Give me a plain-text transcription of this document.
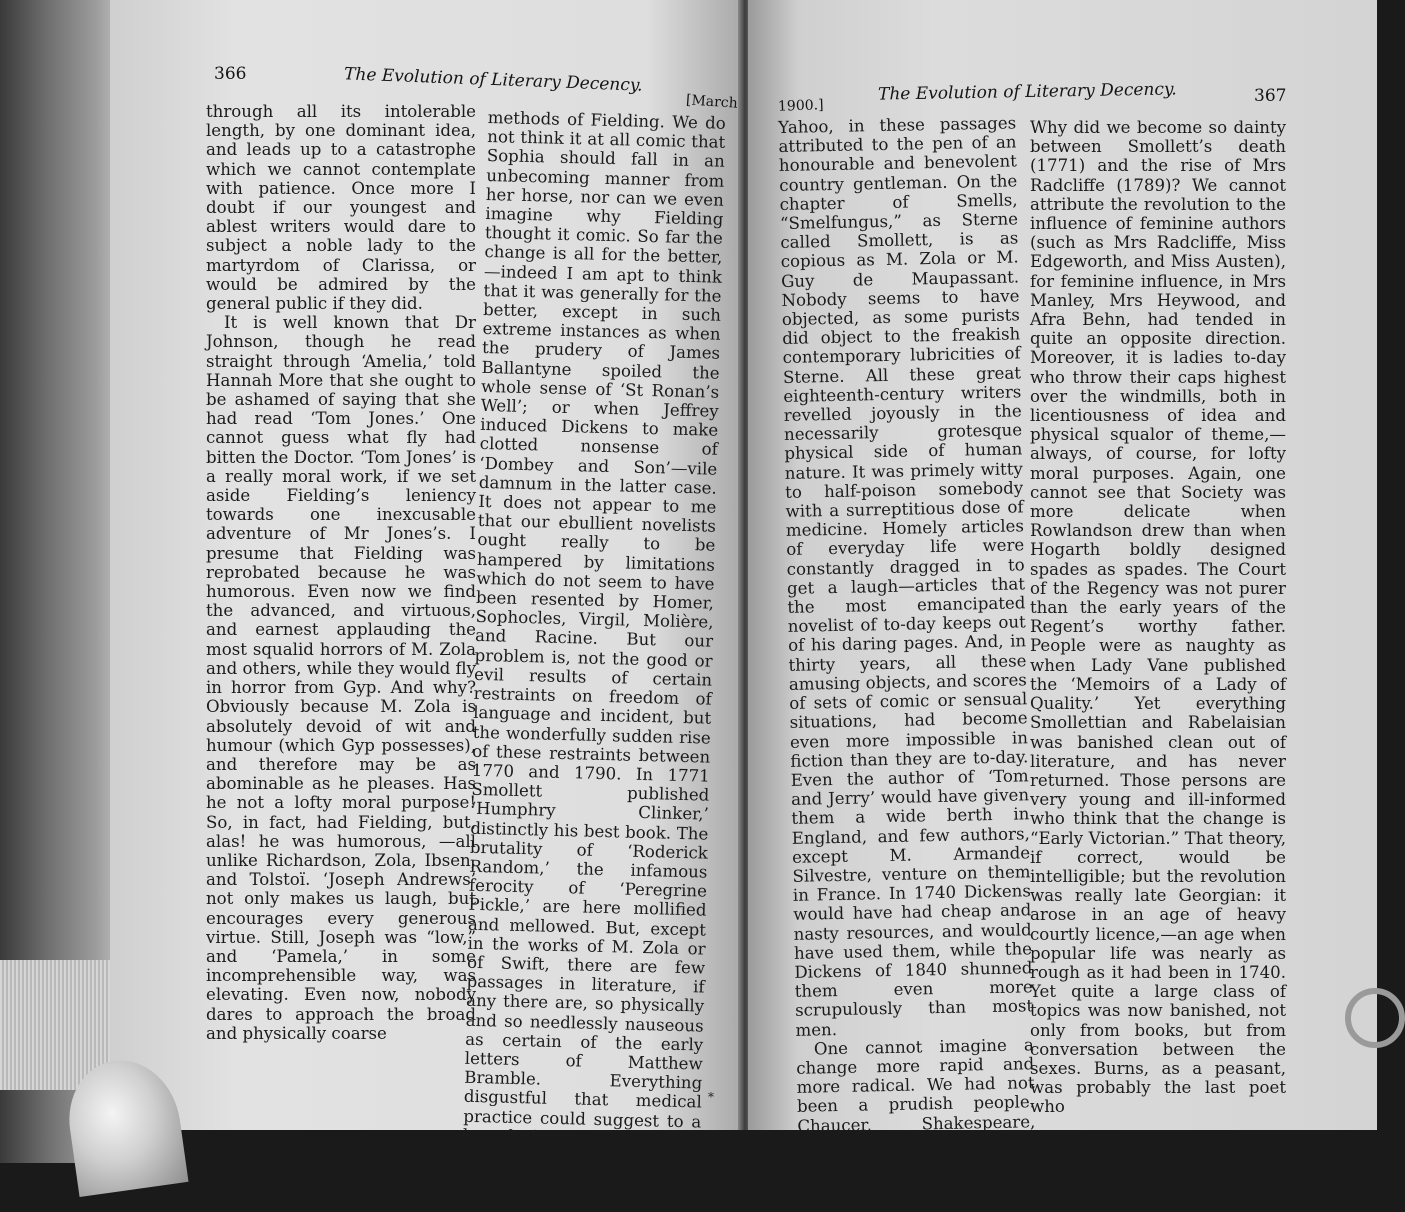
366	The Evolution of Literary Decency.
[March

through all its intolerable length, by one dominant idea, and leads up to a catastrophe which we cannot contemplate with patience. Once more I doubt if our youngest and ablest writers would dare to subject a noble lady to the martyrdom of Clarissa, or would be admired by the general public if they did.

It is well known that Dr Johnson, though he read straight through ‘Amelia,’ told Hannah More that she ought to be ashamed of saying that she had read ‘Tom Jones.’ One cannot guess what fly had bitten the Doctor. ‘Tom Jones’ is a really moral work, if we set aside Fielding’s leniency towards one inexcusable adventure of Mr Jones’s. I presume that Fielding was reprobated because he was humorous. Even now we find the advanced, and virtuous, and earnest applauding the most squalid horrors of M. Zola and others, while they would fly in horror from Gyp. And why? Obviously because M. Zola is absolutely devoid of wit and humour (which Gyp possesses), and therefore may be as abominable as he pleases. Has he not a lofty moral purpose! So, in fact, had Fielding, but, alas! he was humorous, —all unlike Richardson, Zola, Ibsen, and Tolstoï. ‘Joseph Andrews’ not only makes us laugh, but encourages every generous virtue. Still, Joseph was “low,” and ‘Pamela,’ in some incomprehensible way, was elevating. Even now, nobody dares to approach the broad and physically coarse

methods of Fielding. We do not think it at all comic that Sophia should fall in an unbecoming manner from her horse, nor can we even imagine why Fielding thought it comic. So far the change is all for the better, —indeed I am apt to think that it was generally for the better, except in such extreme instances as when the prudery of James Ballantyne spoiled the whole sense of ‘St Ronan’s Well’; or when Jeffrey induced Dickens to make clotted nonsense of ‘Dombey and Son’—vile damnum in the latter case. It does not appear to me that our ebullient novelists ought really to be hampered by limitations which do not seem to have been resented by Homer, Sophocles, Virgil, Molière, and Racine. But our problem is, not the good or evil results of certain restraints on freedom of language and incident, but the wonderfully sudden rise of these restraints between 1770 and 1790. In 1771 Smollett published ‘Humphry Clinker,’ distinctly his best book. The brutality of ‘Roderick Random,’ the infamous ferocity of ‘Peregrine Pickle,’ are here mollified and mellowed. But, except in the works of M. Zola or of Swift, there are few passages in literature, if any there are, so physically and so needlessly nauseous as certain of the early letters of Matthew Bramble. Everything disgustful that medical practice could suggest to a brutal fancy is here set forth with elaborate care. There is something of the ape, of the

*
1900.]
The Evolution of Literary Decency.	367

Yahoo, in these passages attributed to the pen of an honourable and benevolent country gentleman. On the chapter of Smells, “Smelfungus,” as Sterne called Smollett, is as copious as M. Zola or M. Guy de Maupassant. Nobody seems to have objected, as some purists did object to the freakish contemporary lubricities of Sterne. All these great eighteenth-century writers revelled joyously in the necessarily grotesque physical side of human nature. It was primely witty to half-poison somebody with a surreptitious dose of medicine. Homely articles of everyday life were constantly dragged in to get a laugh—articles that the most emancipated novelist of to-day keeps out of his daring pages. And, in thirty years, all these amusing objects, and scores of sets of comic or sensual situations, had become even more impossible in fiction than they are to-day. Even the author of ‘Tom and Jerry’ would have given them a wide berth in England, and few authors, except M. Armande Silvestre, venture on them in France. In 1740 Dickens would have had cheap and nasty resources, and would have used them, while the Dickens of 1840 shunned them even more scrupulously than most men.

One cannot imagine a change more rapid and more radical. We had not been a prudish people. Chaucer, Shakespeare, Dryden, Congreve, Smollett, Burns, Sterne, are at the opposite extreme from the prudish.

Why did we become so dainty between Smollett’s death (1771) and the rise of Mrs Radcliffe (1789)? We cannot attribute the revolution to the influence of feminine authors (such as Mrs Radcliffe, Miss Edgeworth, and Miss Austen), for feminine influence, in Mrs Manley, Mrs Heywood, and Afra Behn, had tended in quite an opposite direction. Moreover, it is ladies to-day who throw their caps highest over the windmills, both in licentiousness of idea and physical squalor of theme,—always, of course, for lofty moral purposes. Again, one cannot see that Society was more delicate when Rowlandson drew than when Hogarth boldly designed spades as spades. The Court of the Regency was not purer than the early years of the Regent’s worthy father. People were as naughty as when Lady Vane published the ‘Memoirs of a Lady of Quality.’ Yet everything Smollettian and Rabelaisian was banished clean out of literature, and has never returned. Those persons are very young and ill-informed who think that the change is “Early Victorian.” That theory, if correct, would be intelligible; but the revolution was really late Georgian: it arose in an age of heavy courtly licence,—an age when popular life was nearly as rough as it had been in 1740. Yet quite a large class of topics was now banished, not only from books, but from conversation between the sexes. Burns, as a peasant, was probably the last poet who
